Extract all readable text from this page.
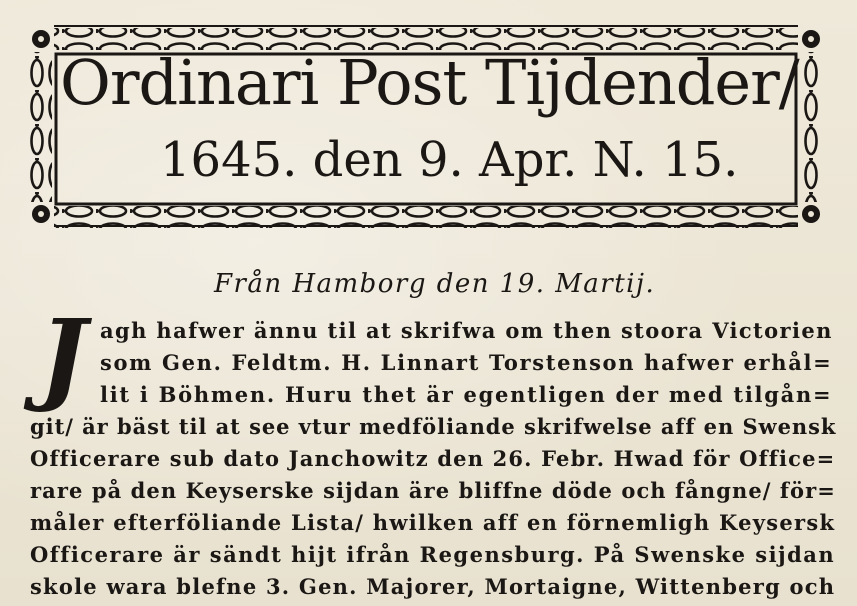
Ordinari Post Tijdender/
1645. den 9. Apr. N. 15.
Från Hamborg den 19. Martij.
J agh hafwer ännu til at skrifwa om then stoora Victorien
som Gen. Feldtm. H. Linnart Torstenson hafwer erhål=
lit i Böhmen. Huru thet är egentligen der med tilgån=
git/ är bäst til at see vtur medföliande skrifwelse aff en Swensk
Officerare sub dato Janchowitz den 26. Febr. Hwad för Office=
rare på den Keyserske sijdan äre bliffne döde och fångne/ för=
måler efterföliande Lista/ hwilken aff en förnemligh Keysersk
Officerare är sändt hijt ifrån Regensburg. På Swenske sijdan
skole wara blefne 3. Gen. Majorer, Mortaigne, Wittenberg och
